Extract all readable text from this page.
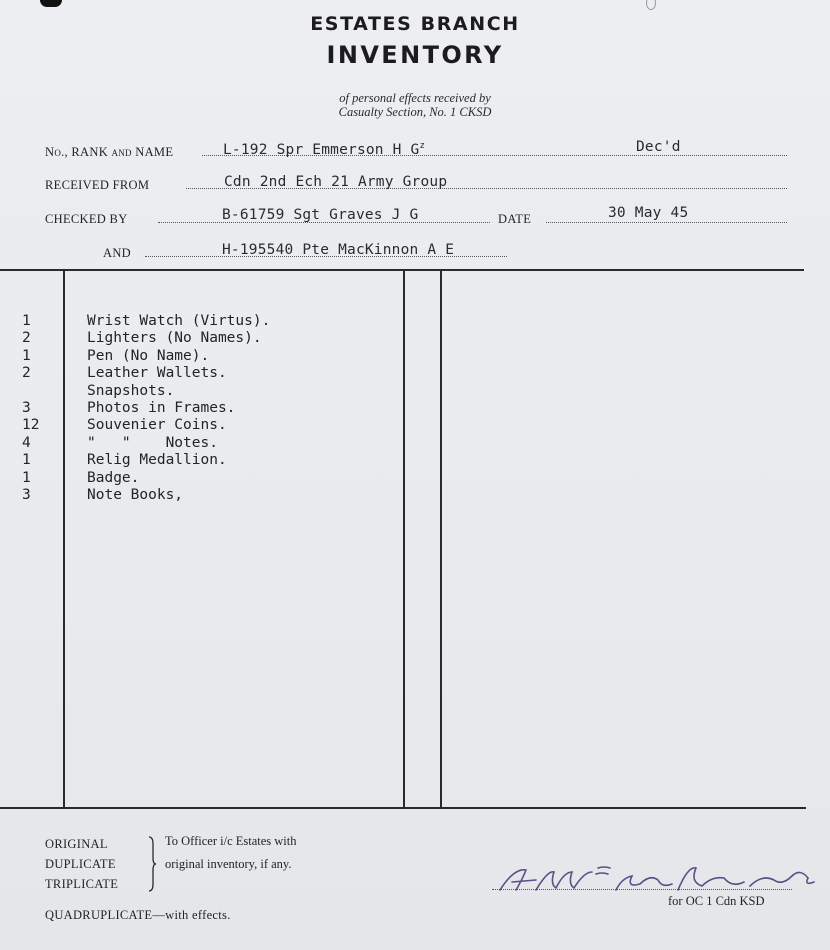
ESTATES BRANCH
INVENTORY
of personal effects received by
Casualty Section, No. 1 CKSD
No., RANK and NAME	L-192 Spr Emmerson H $G^z$	Dec'd
RECEIVED FROM	Cdn 2nd Ech 21 Army Group
CHECKED BY	B-61759 Sgt Graves J G	DATE	30 May 45
AND	H-195540 Pte MacKinnon A E
1	Wrist Watch (Virtus).
2	Lighters (No Names).
1	Pen (No Name).
2	Leather Wallets.
Snapshots.
3	Photos in Frames.
12	Souvenier Coins.
4	"   "    Notes.
1	Relig Medallion.
1	Badge.
3	Note Books,
ORIGINAL
DUPLICATE
TRIPLICATE
To Officer i/c Estates with
original inventory, if any.
QUADRUPLICATE—with effects.
for OC 1 Cdn KSD
